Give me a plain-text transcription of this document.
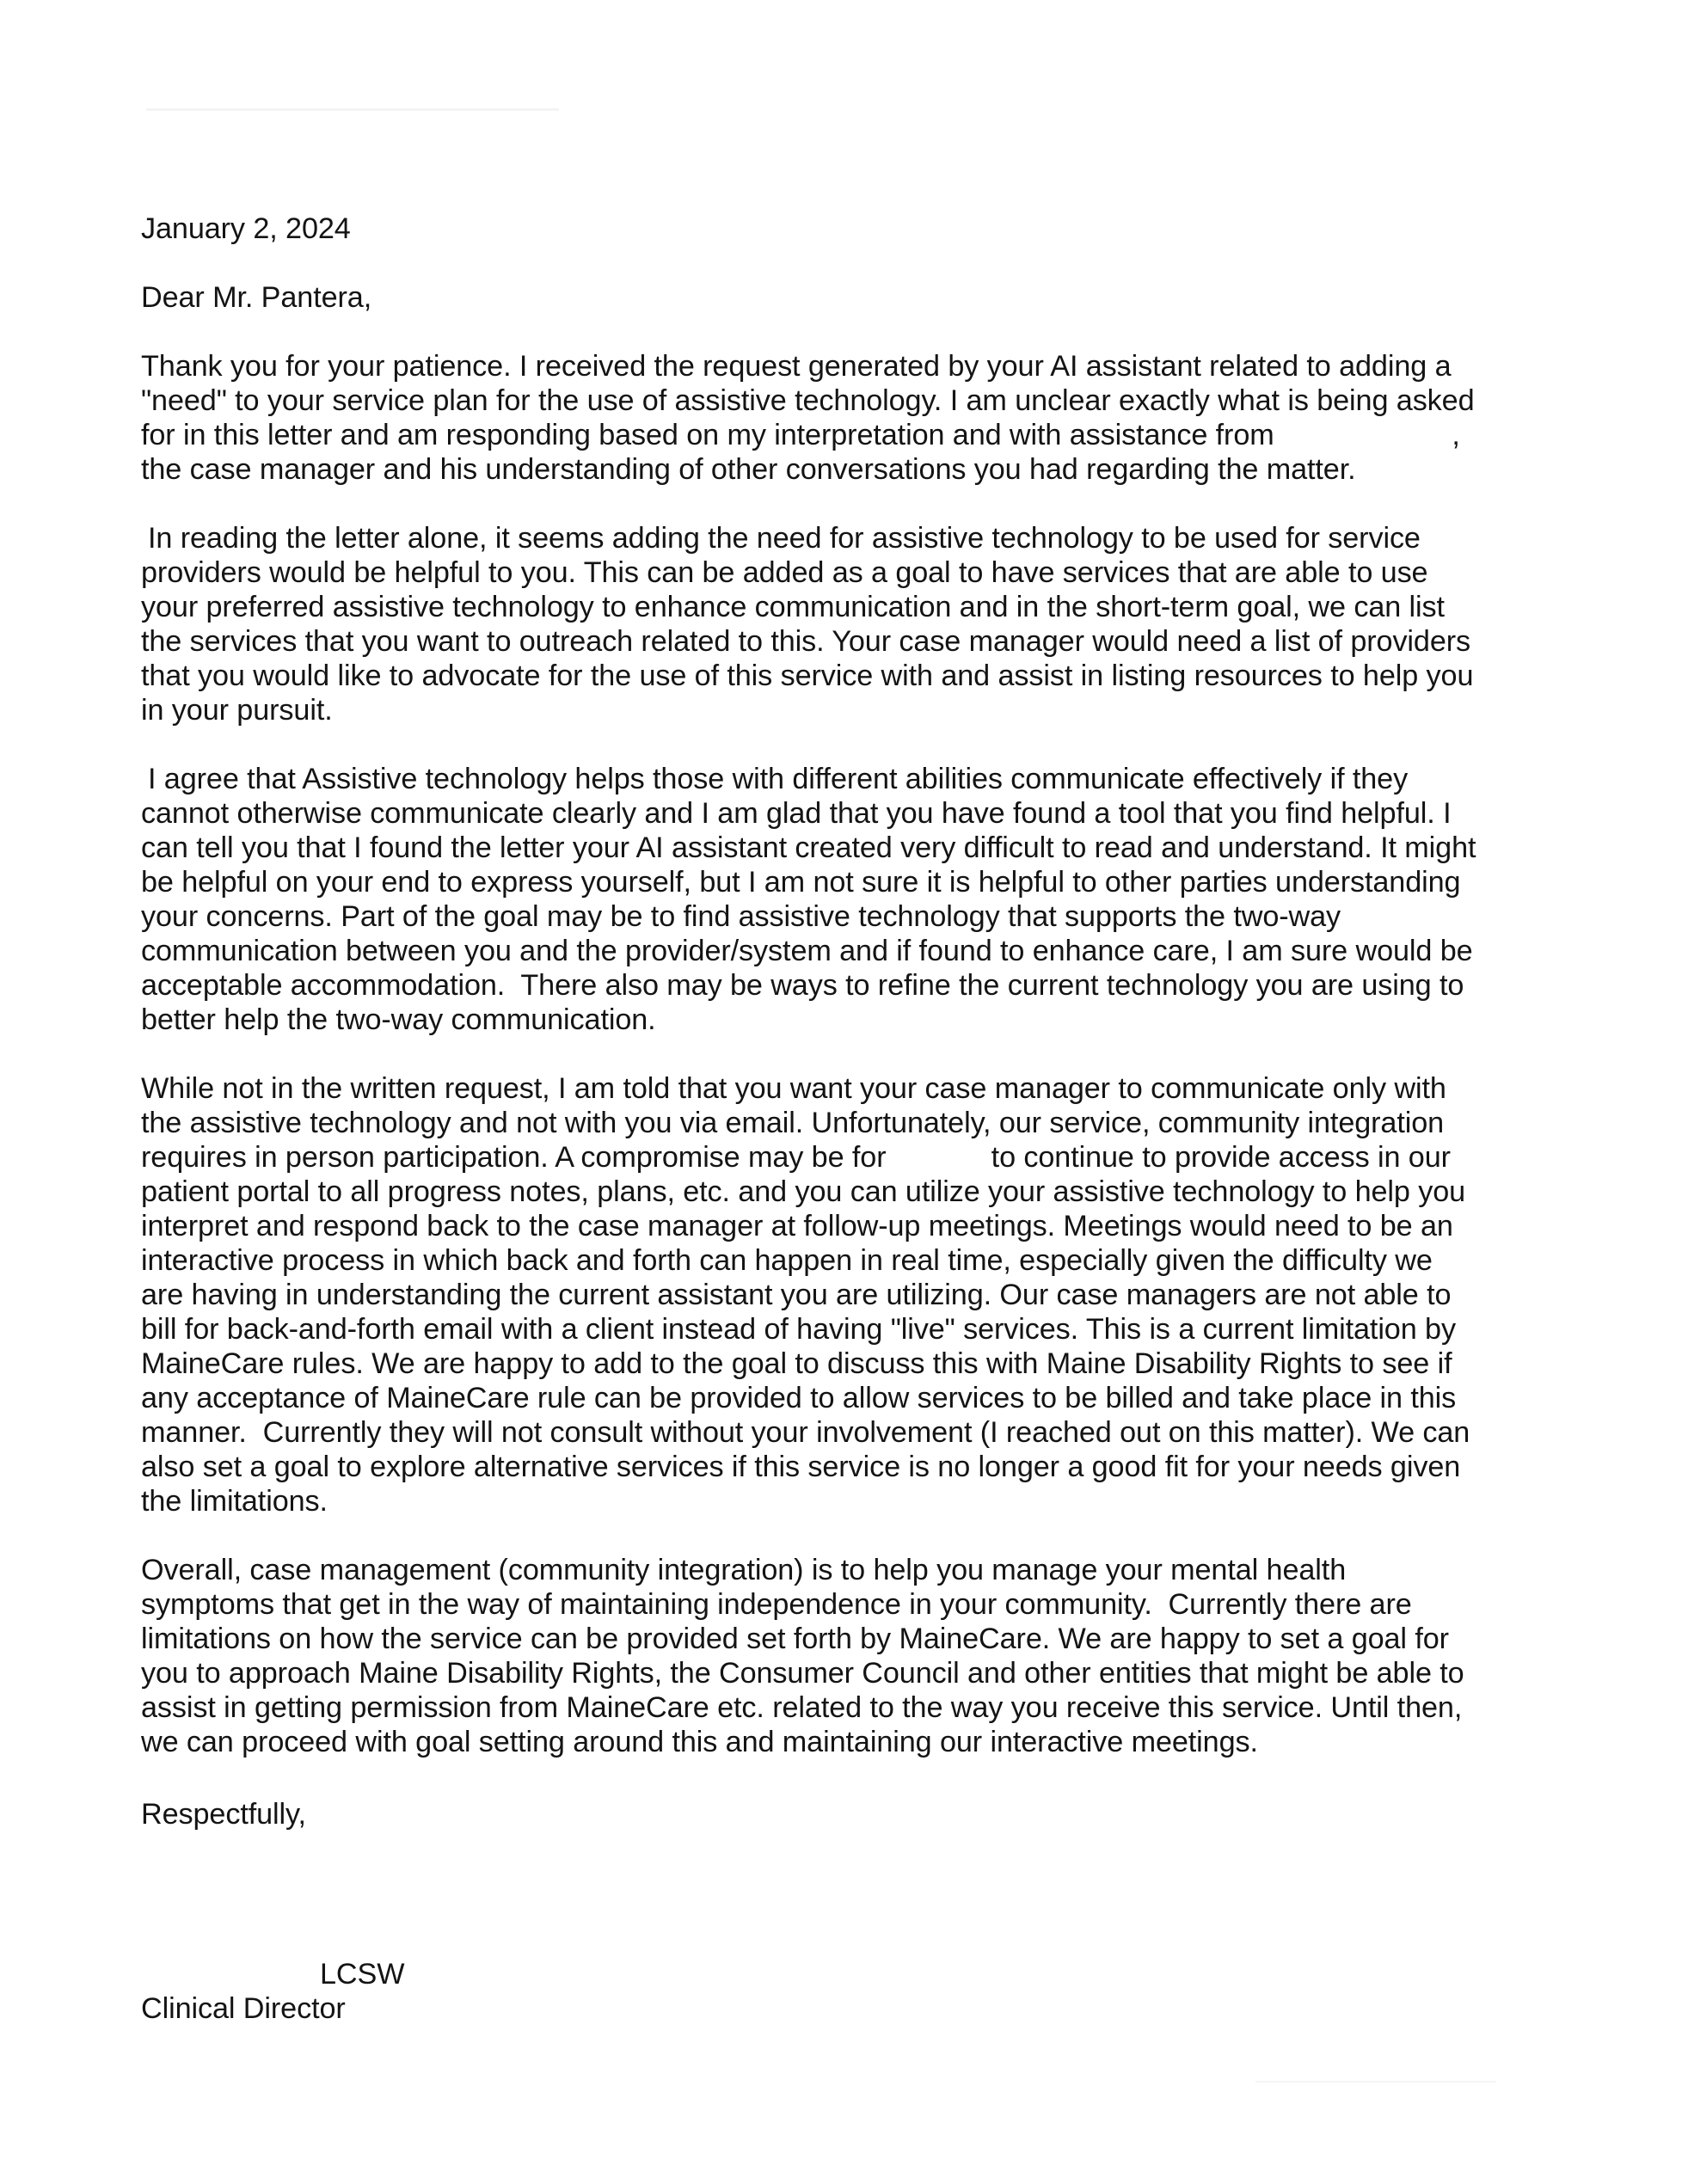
January 2, 2024
Dear Mr. Pantera,
Thank you for your patience. I received the request generated by your AI assistant related to adding a
"need" to your service plan for the use of assistive technology. I am unclear exactly what is being asked
for in this letter and am responding based on my interpretation and with assistance from                      ,
the case manager and his understanding of other conversations you had regarding the matter.
In reading the letter alone, it seems adding the need for assistive technology to be used for service
providers would be helpful to you. This can be added as a goal to have services that are able to use
your preferred assistive technology to enhance communication and in the short-term goal, we can list
the services that you want to outreach related to this. Your case manager would need a list of providers
that you would like to advocate for the use of this service with and assist in listing resources to help you
in your pursuit.
I agree that Assistive technology helps those with different abilities communicate effectively if they
cannot otherwise communicate clearly and I am glad that you have found a tool that you find helpful. I
can tell you that I found the letter your AI assistant created very difficult to read and understand. It might
be helpful on your end to express yourself, but I am not sure it is helpful to other parties understanding
your concerns. Part of the goal may be to find assistive technology that supports the two-way
communication between you and the provider/system and if found to enhance care, I am sure would be
acceptable accommodation.  There also may be ways to refine the current technology you are using to
better help the two-way communication.
While not in the written request, I am told that you want your case manager to communicate only with
the assistive technology and not with you via email. Unfortunately, our service, community integration
requires in person participation. A compromise may be for             to continue to provide access in our
patient portal to all progress notes, plans, etc. and you can utilize your assistive technology to help you
interpret and respond back to the case manager at follow-up meetings. Meetings would need to be an
interactive process in which back and forth can happen in real time, especially given the difficulty we
are having in understanding the current assistant you are utilizing. Our case managers are not able to
bill for back-and-forth email with a client instead of having "live" services. This is a current limitation by
MaineCare rules. We are happy to add to the goal to discuss this with Maine Disability Rights to see if
any acceptance of MaineCare rule can be provided to allow services to be billed and take place in this
manner.  Currently they will not consult without your involvement (I reached out on this matter). We can
also set a goal to explore alternative services if this service is no longer a good fit for your needs given
the limitations.
Overall, case management (community integration) is to help you manage your mental health
symptoms that get in the way of maintaining independence in your community.  Currently there are
limitations on how the service can be provided set forth by MaineCare. We are happy to set a goal for
you to approach Maine Disability Rights, the Consumer Council and other entities that might be able to
assist in getting permission from MaineCare etc. related to the way you receive this service. Until then,
we can proceed with goal setting around this and maintaining our interactive meetings.
Respectfully,
LCSW
Clinical Director
